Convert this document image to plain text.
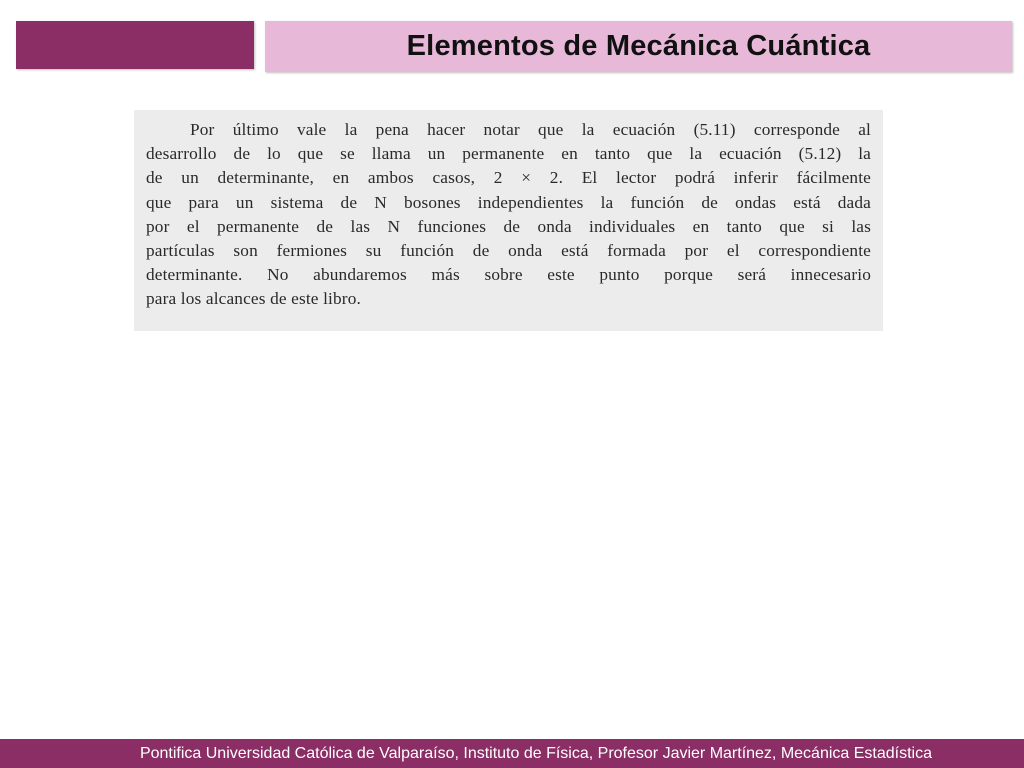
Elementos de Mecánica Cuántica
Por último vale la pena hacer notar que la ecuación (5.11) corresponde al
desarrollo de lo que se llama un permanente en tanto que la ecuación (5.12) la
de un determinante, en ambos casos, 2 × 2. El lector podrá inferir fácilmente
que para un sistema de N bosones independientes la función de ondas está dada
por el permanente de las N funciones de onda individuales en tanto que si las
partículas son fermiones su función de onda está formada por el correspondiente
determinante. No abundaremos más sobre este punto porque será innecesario
para los alcances de este libro.
Pontifica Universidad Católica de Valparaíso, Instituto de Física, Profesor Javier Martínez, Mecánica Estadística
